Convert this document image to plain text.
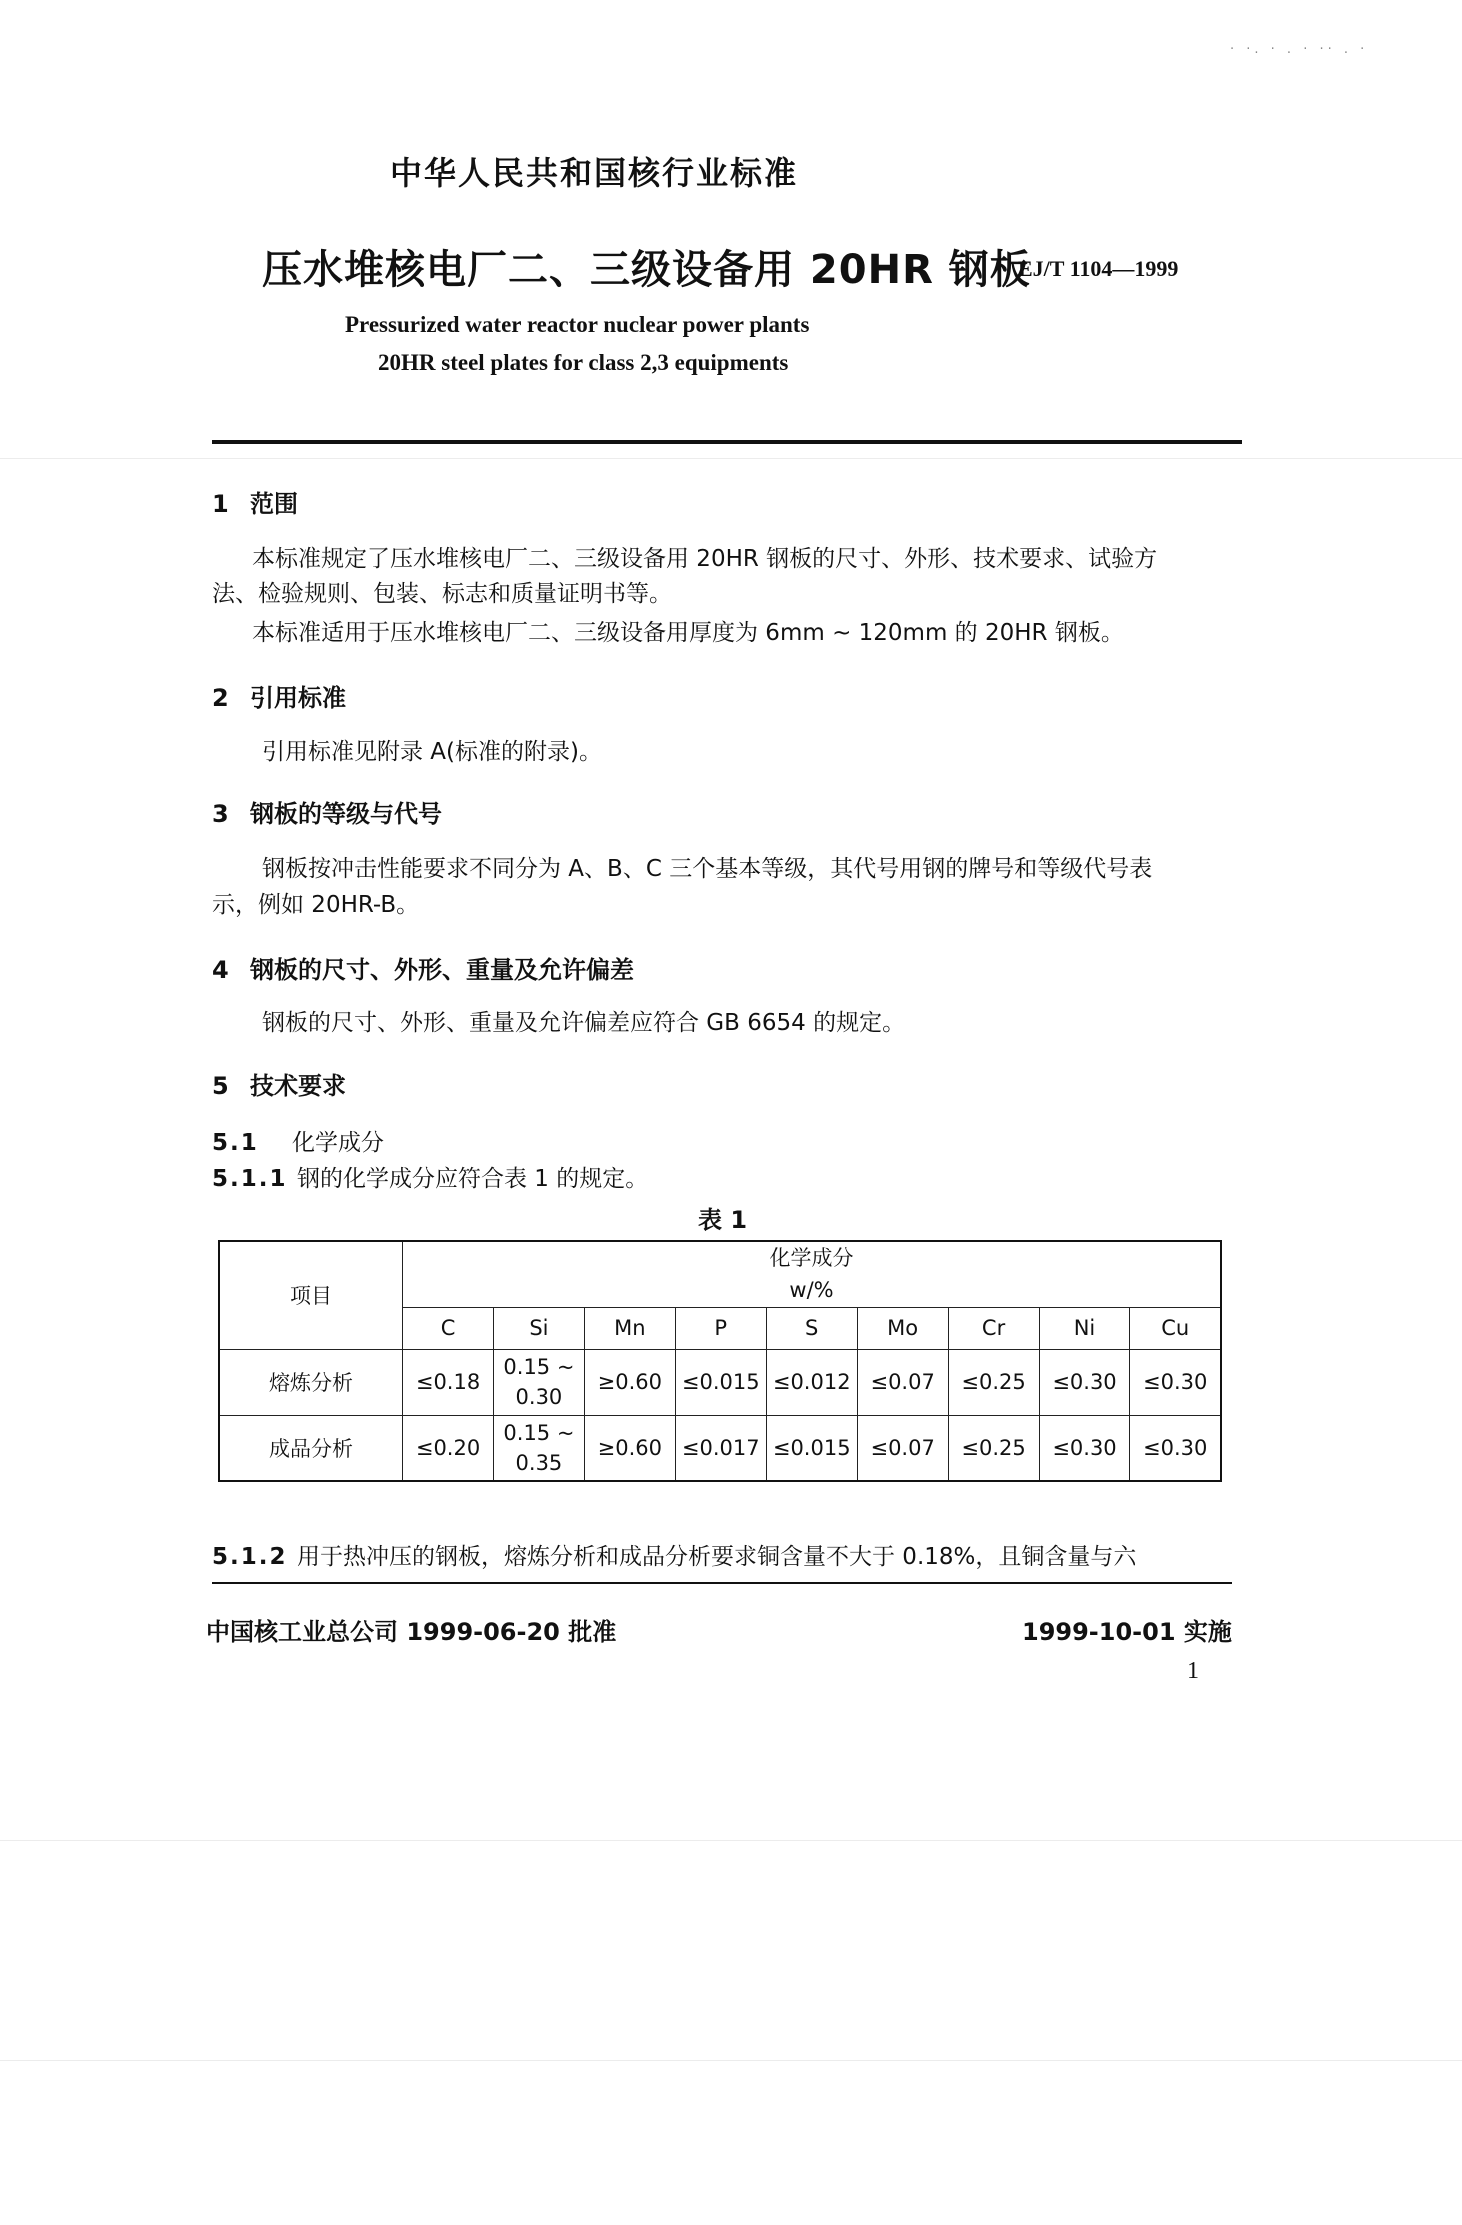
· ·. · . · ·· . ·
中华人民共和国核行业标准
压水堆核电厂二、三级设备用 20HR 钢板
EJ/T 1104—1999
Pressurized water reactor nuclear power plants
20HR steel plates for class 2,3 equipments
1 范围
本标准规定了压水堆核电厂二、三级设备用 20HR 钢板的尺寸、外形、技术要求、试验方
法、检验规则、包装、标志和质量证明书等。
本标准适用于压水堆核电厂二、三级设备用厚度为 6mm ~ 120mm 的 20HR 钢板。
2 引用标准
引用标准见附录 A(标准的附录)。
3 钢板的等级与代号
钢板按冲击性能要求不同分为 A、B、C 三个基本等级，其代号用钢的牌号和等级代号表
示，例如 20HR-B。
4 钢板的尺寸、外形、重量及允许偏差
钢板的尺寸、外形、重量及允许偏差应符合 GB 6654 的规定。
5 技术要求
5.1 化学成分
5.1.1 钢的化学成分应符合表 1 的规定。
表 1
项目	化学成分
w/%								

	C	Si	Mn	P	S	Mo	Cr	Ni	Cu
熔炼分析	≤0.18	0.15 ~
0.30	≥0.60	≤0.015	≤0.012	≤0.07	≤0.25	≤0.30	≤0.30
成品分析	≤0.20	0.15 ~
0.35	≥0.60	≤0.017	≤0.015	≤0.07	≤0.25	≤0.30	≤0.30
5.1.2 用于热冲压的钢板，熔炼分析和成品分析要求铜含量不大于 0.18%，且铜含量与六
中国核工业总公司 1999-06-20 批准	1999-10-01 实施
1
